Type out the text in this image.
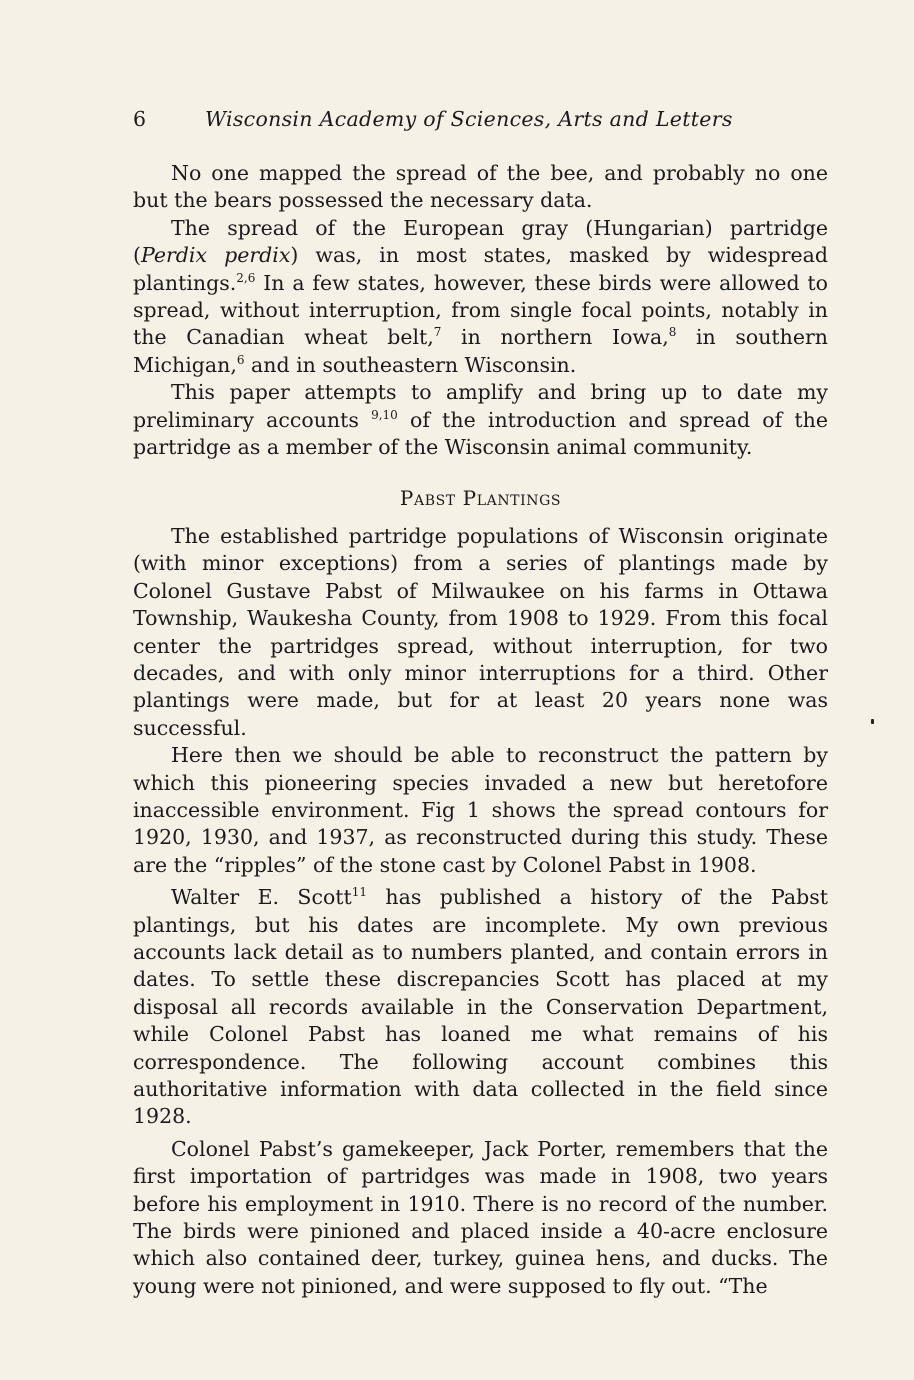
6	Wisconsin Academy of Sciences, Arts and Letters

No one mapped the spread of the bee, and probably no one but the bears possessed the necessary data.

The spread of the European gray (Hungarian) partridge (Perdix perdix) was, in most states, masked by widespread plantings.$^{2,6}$ In a few states, however, these birds were allowed to spread, without interruption, from single focal points, notably in the Canadian wheat belt,$^7$ in northern Iowa,$^8$ in southern Michigan,$^6$ and in southeastern Wisconsin.

This paper attempts to amplify and bring up to date my preliminary accounts $^{9,10}$ of the introduction and spread of the partridge as a member of the Wisconsin animal community.

Pabst Plantings

The established partridge populations of Wisconsin originate (with minor exceptions) from a series of plantings made by Colonel Gustave Pabst of Milwaukee on his farms in Ottawa Township, Waukesha County, from 1908 to 1929. From this focal center the partridges spread, without interruption, for two decades, and with only minor interruptions for a third. Other plantings were made, but for at least 20 years none was successful.

Here then we should be able to reconstruct the pattern by which this pioneering species invaded a new but heretofore inaccessible environment. Fig 1 shows the spread contours for 1920, 1930, and 1937, as reconstructed during this study. These are the “ripples” of the stone cast by Colonel Pabst in 1908.

Walter E. Scott$^{11}$ has published a history of the Pabst plantings, but his dates are incomplete. My own previous accounts lack detail as to numbers planted, and contain errors in dates. To settle these discrepancies Scott has placed at my disposal all records available in the Conservation Department, while Colonel Pabst has loaned me what remains of his correspondence. The following account combines this authoritative information with data collected in the field since 1928.

Colonel Pabst’s gamekeeper, Jack Porter, remembers that the first importation of partridges was made in 1908, two years before his employment in 1910. There is no record of the number. The birds were pinioned and placed inside a 40-acre enclosure which also contained deer, turkey, guinea hens, and ducks. The young were not pinioned, and were supposed to fly out. “The
